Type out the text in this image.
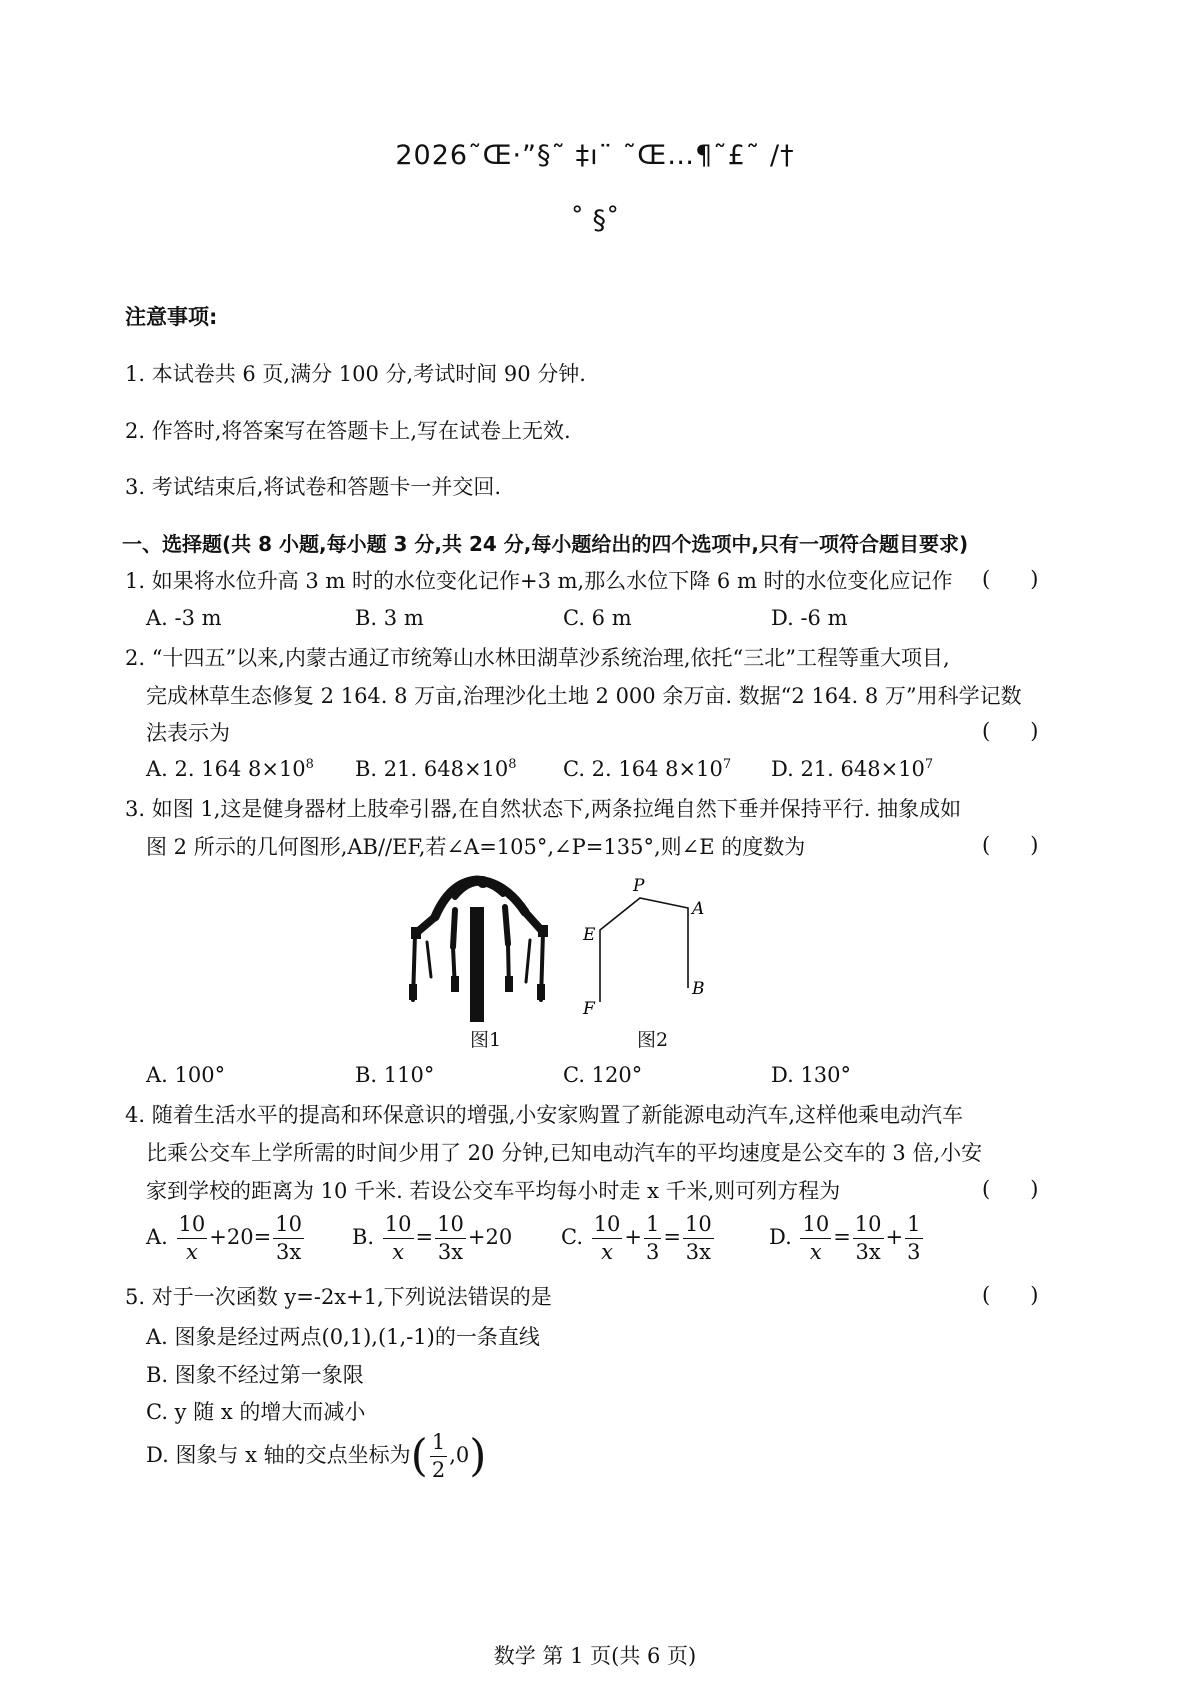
2026˜Œ·”§˜ ‡ı¨ ˜Œ…¶˜£˜ /†
˚ §˚
注意事项:
1. 本试卷共 6 页,满分 100 分,考试时间 90 分钟.
2. 作答时,将答案写在答题卡上,写在试卷上无效.
3. 考试结束后,将试卷和答题卡一并交回.
一、选择题(共 8 小题,每小题 3 分,共 24 分,每小题给出的四个选项中,只有一项符合题目要求)
1. 如果将水位升高 3 m 时的水位变化记作+3 m,那么水位下降 6 m 时的水位变化应记作 (      )
A. -3 m	B. 3 m	C. 6 m	D. -6 m
2. “十四五”以来,内蒙古通辽市统筹山水林田湖草沙系统治理,依托“三北”工程等重大项目,
完成林草生态修复 2 164. 8 万亩,治理沙化土地 2 000 余万亩. 数据“2 164. 8 万”用科学记数
法表示为	(      )
A. 2. 164 $8\times 10^8$ B. 21. $648\times 10^8$ C. 2. 164 $8\times 10^7$ D. 21. $648\times 10^7$
3. 如图 1,这是健身器材上肢牵引器,在自然状态下,两条拉绳自然下垂并保持平行. 抽象成如
图 2 所示的几何图形,AB//EF,若∠A=105°,∠P=135°,则∠E 的度数为	(      )
图1
P
A
E
B
F
图2
A. 100°	B. 110°	C. 120°	D. 130°
4. 随着生活水平的提高和环保意识的增强,小安家购置了新能源电动汽车,这样他乘电动汽车
比乘公交车上学所需的时间少用了 20 分钟,已知电动汽车的平均速度是公交车的 3 倍,小安
家到学校的距离为 10 千米. 若设公交车平均每小时走 x 千米,则可列方程为	(      )
A. $\frac{10}{x} +20= \frac{10}{3x} B$. $\frac{10}{x} = \frac{10}{3x} +20$ C. $\frac{10}{x} + \frac{1}{3} = \frac{10}{3x}$	D. $\frac{10}{x} = \frac{10}{3x} + \frac{1}{3}$
5. 对于一次函数 y=-2x+1,下列说法错误的是	(      )
A. 图象是经过两点(0,1),(1,-1)的一条直线
B. 图象不经过第一象限
C. y 随 x 的增大而减小
D. 图象与 x 轴的交点坐标为( $\frac{1}{2} ,0$)
数学 第 1 页(共 6 页)
